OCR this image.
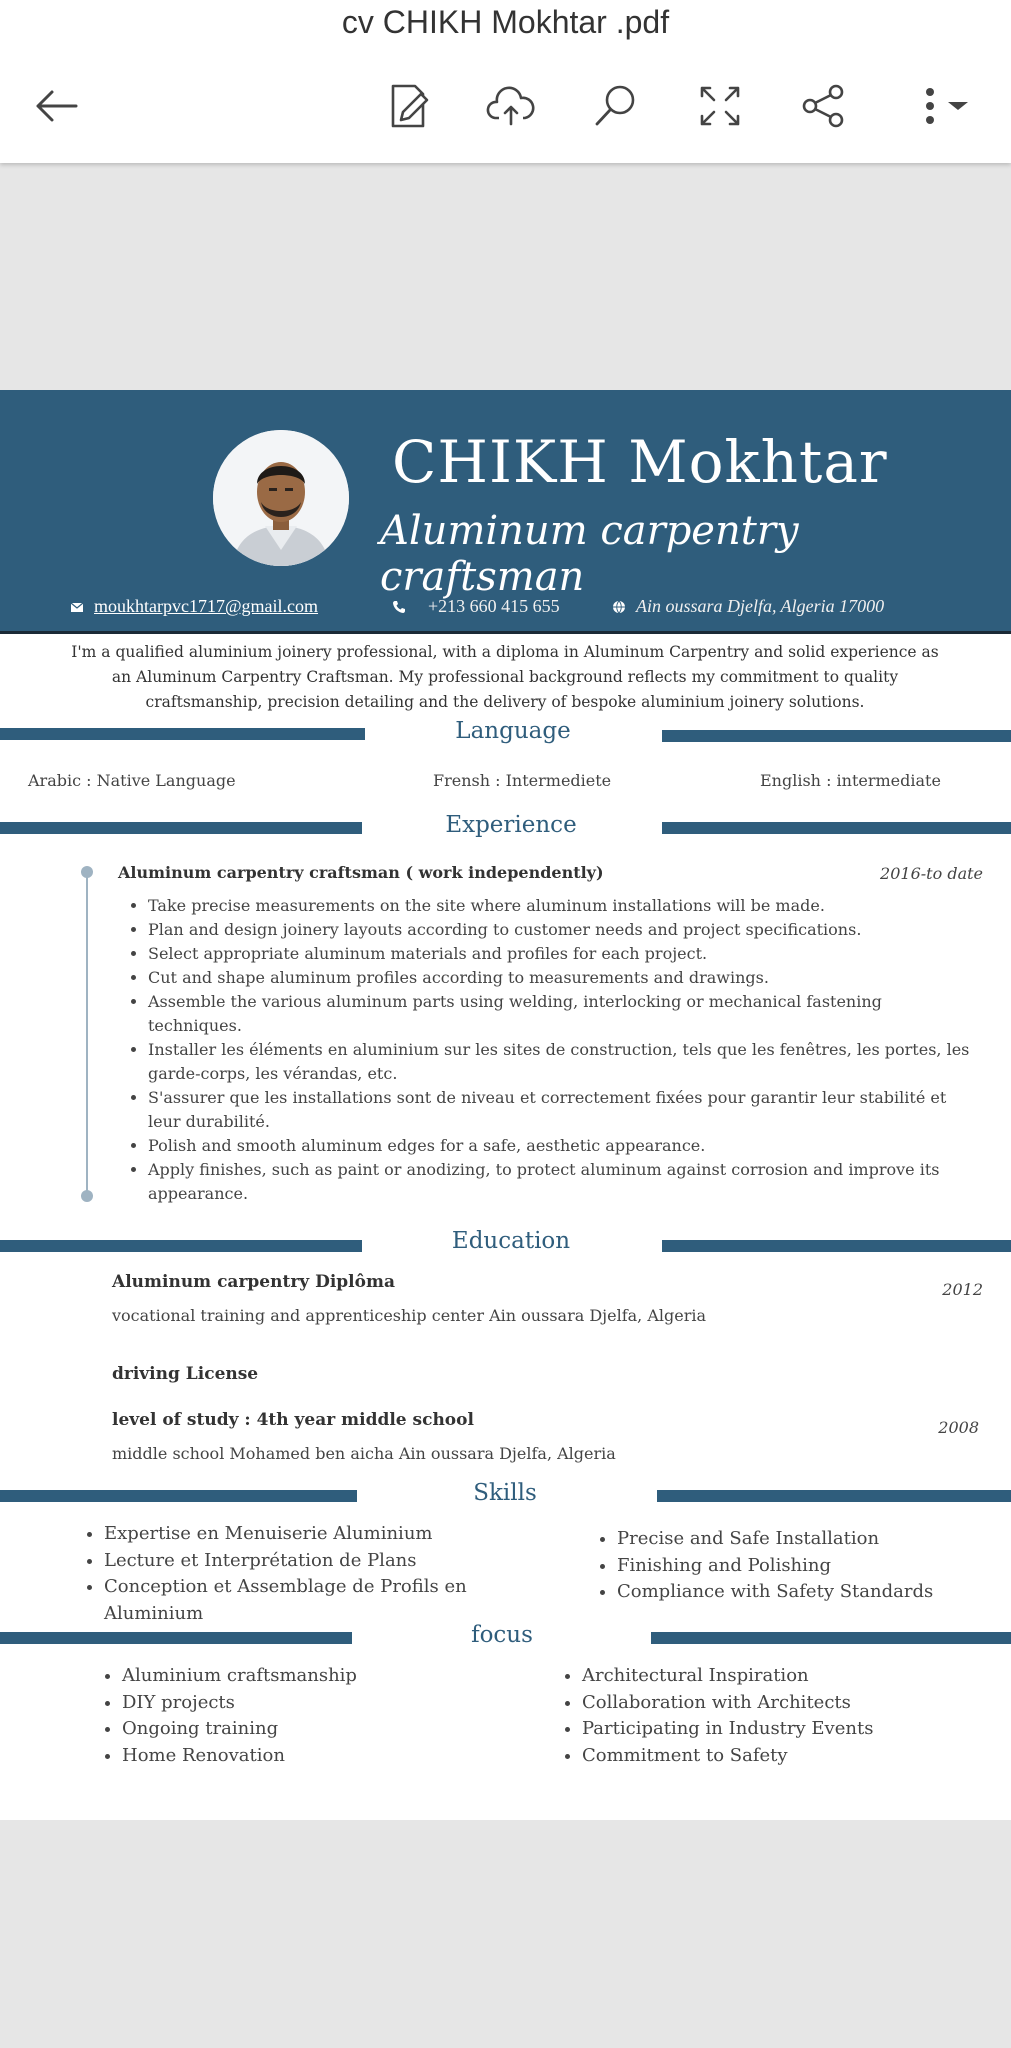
cv CHIKH Mokhtar .pdf
CHIKH Mokhtar
Aluminum carpentry craftsman
moukhtarpvc1717@gmail.com	+213 660 415 655	Ain oussara Djelfa, Algeria 17000
I'm a qualified aluminium joinery professional, with a diploma in Aluminum Carpentry and solid experience as an Aluminum Carpentry Craftsman. My professional background reflects my commitment to quality craftsmanship, precision detailing and the delivery of bespoke aluminium joinery solutions.
Language
Arabic : Native Language	Frensh : Intermediete	English : intermediate
Experience
Aluminum carpentry craftsman ( work independently)	2016-to date
• Take precise measurements on the site where aluminum installations will be made.
• Plan and design joinery layouts according to customer needs and project specifications.
• Select appropriate aluminum materials and profiles for each project.
• Cut and shape aluminum profiles according to measurements and drawings.
• Assemble the various aluminum parts using welding, interlocking or mechanical fastening techniques.
• Installer les éléments en aluminium sur les sites de construction, tels que les fenêtres, les portes, les garde-corps, les vérandas, etc.
• S'assurer que les installations sont de niveau et correctement fixées pour garantir leur stabilité et leur durabilité.
• Polish and smooth aluminum edges for a safe, aesthetic appearance.
• Apply finishes, such as paint or anodizing, to protect aluminum against corrosion and improve its appearance.
Education
Aluminum carpentry Diplôma	2012
vocational training and apprenticeship center Ain oussara Djelfa, Algeria
driving License
level of study : 4th year middle school	2008
middle school Mohamed ben aicha Ain oussara Djelfa, Algeria
Skills
• Expertise en Menuiserie Aluminium
• Lecture et Interprétation de Plans
• Conception et Assemblage de Profils en Aluminium
• Precise and Safe Installation
• Finishing and Polishing
• Compliance with Safety Standards
focus
• Aluminium craftsmanship
• DIY projects
• Ongoing training
• Home Renovation
• Architectural Inspiration
• Collaboration with Architects
• Participating in Industry Events
• Commitment to Safety
